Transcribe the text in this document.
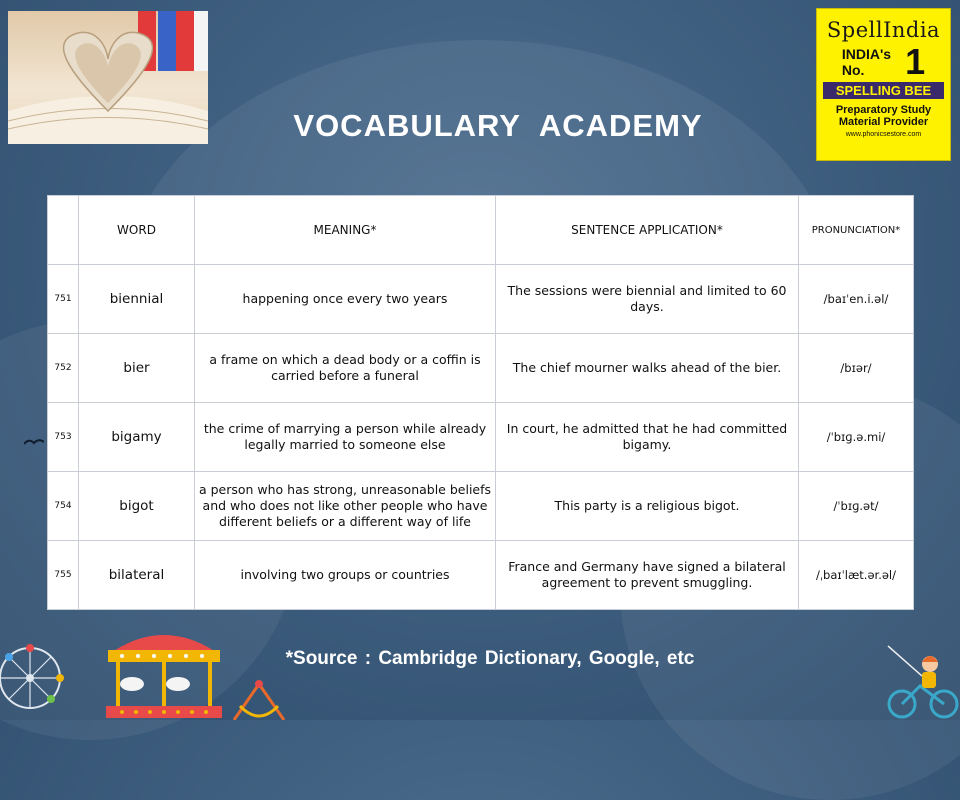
SpellIndia
INDIA's
No.	1
SPELLING BEE
Preparatory Study Material Provider
www.phonicsestore.com
VOCABULARY ACADEMY
	WORD	MEANING*	SENTENCE APPLICATION*	PRONUNCIATION*
751	biennial	happening once every two years	The sessions were biennial and limited to 60 days.	/baɪˈen.i.əl/
752	bier	a frame on which a dead body or a coffin is carried before a funeral	The chief mourner walks ahead of the bier.	/bɪər/
753	bigamy	the crime of marrying a person while already legally married to someone else	In court, he admitted that he had committed bigamy.	/ˈbɪɡ.ə.mi/
754	bigot	a person who has strong, unreasonable beliefs and who does not like other people who have different beliefs or a different way of life	This party is a religious bigot.	/ˈbɪɡ.ət/
755	bilateral	involving two groups or countries	France and Germany have signed a bilateral agreement to prevent smuggling.	/ˌbaɪˈlæt.ər.əl/
*Source : Cambridge Dictionary, Google, etc
